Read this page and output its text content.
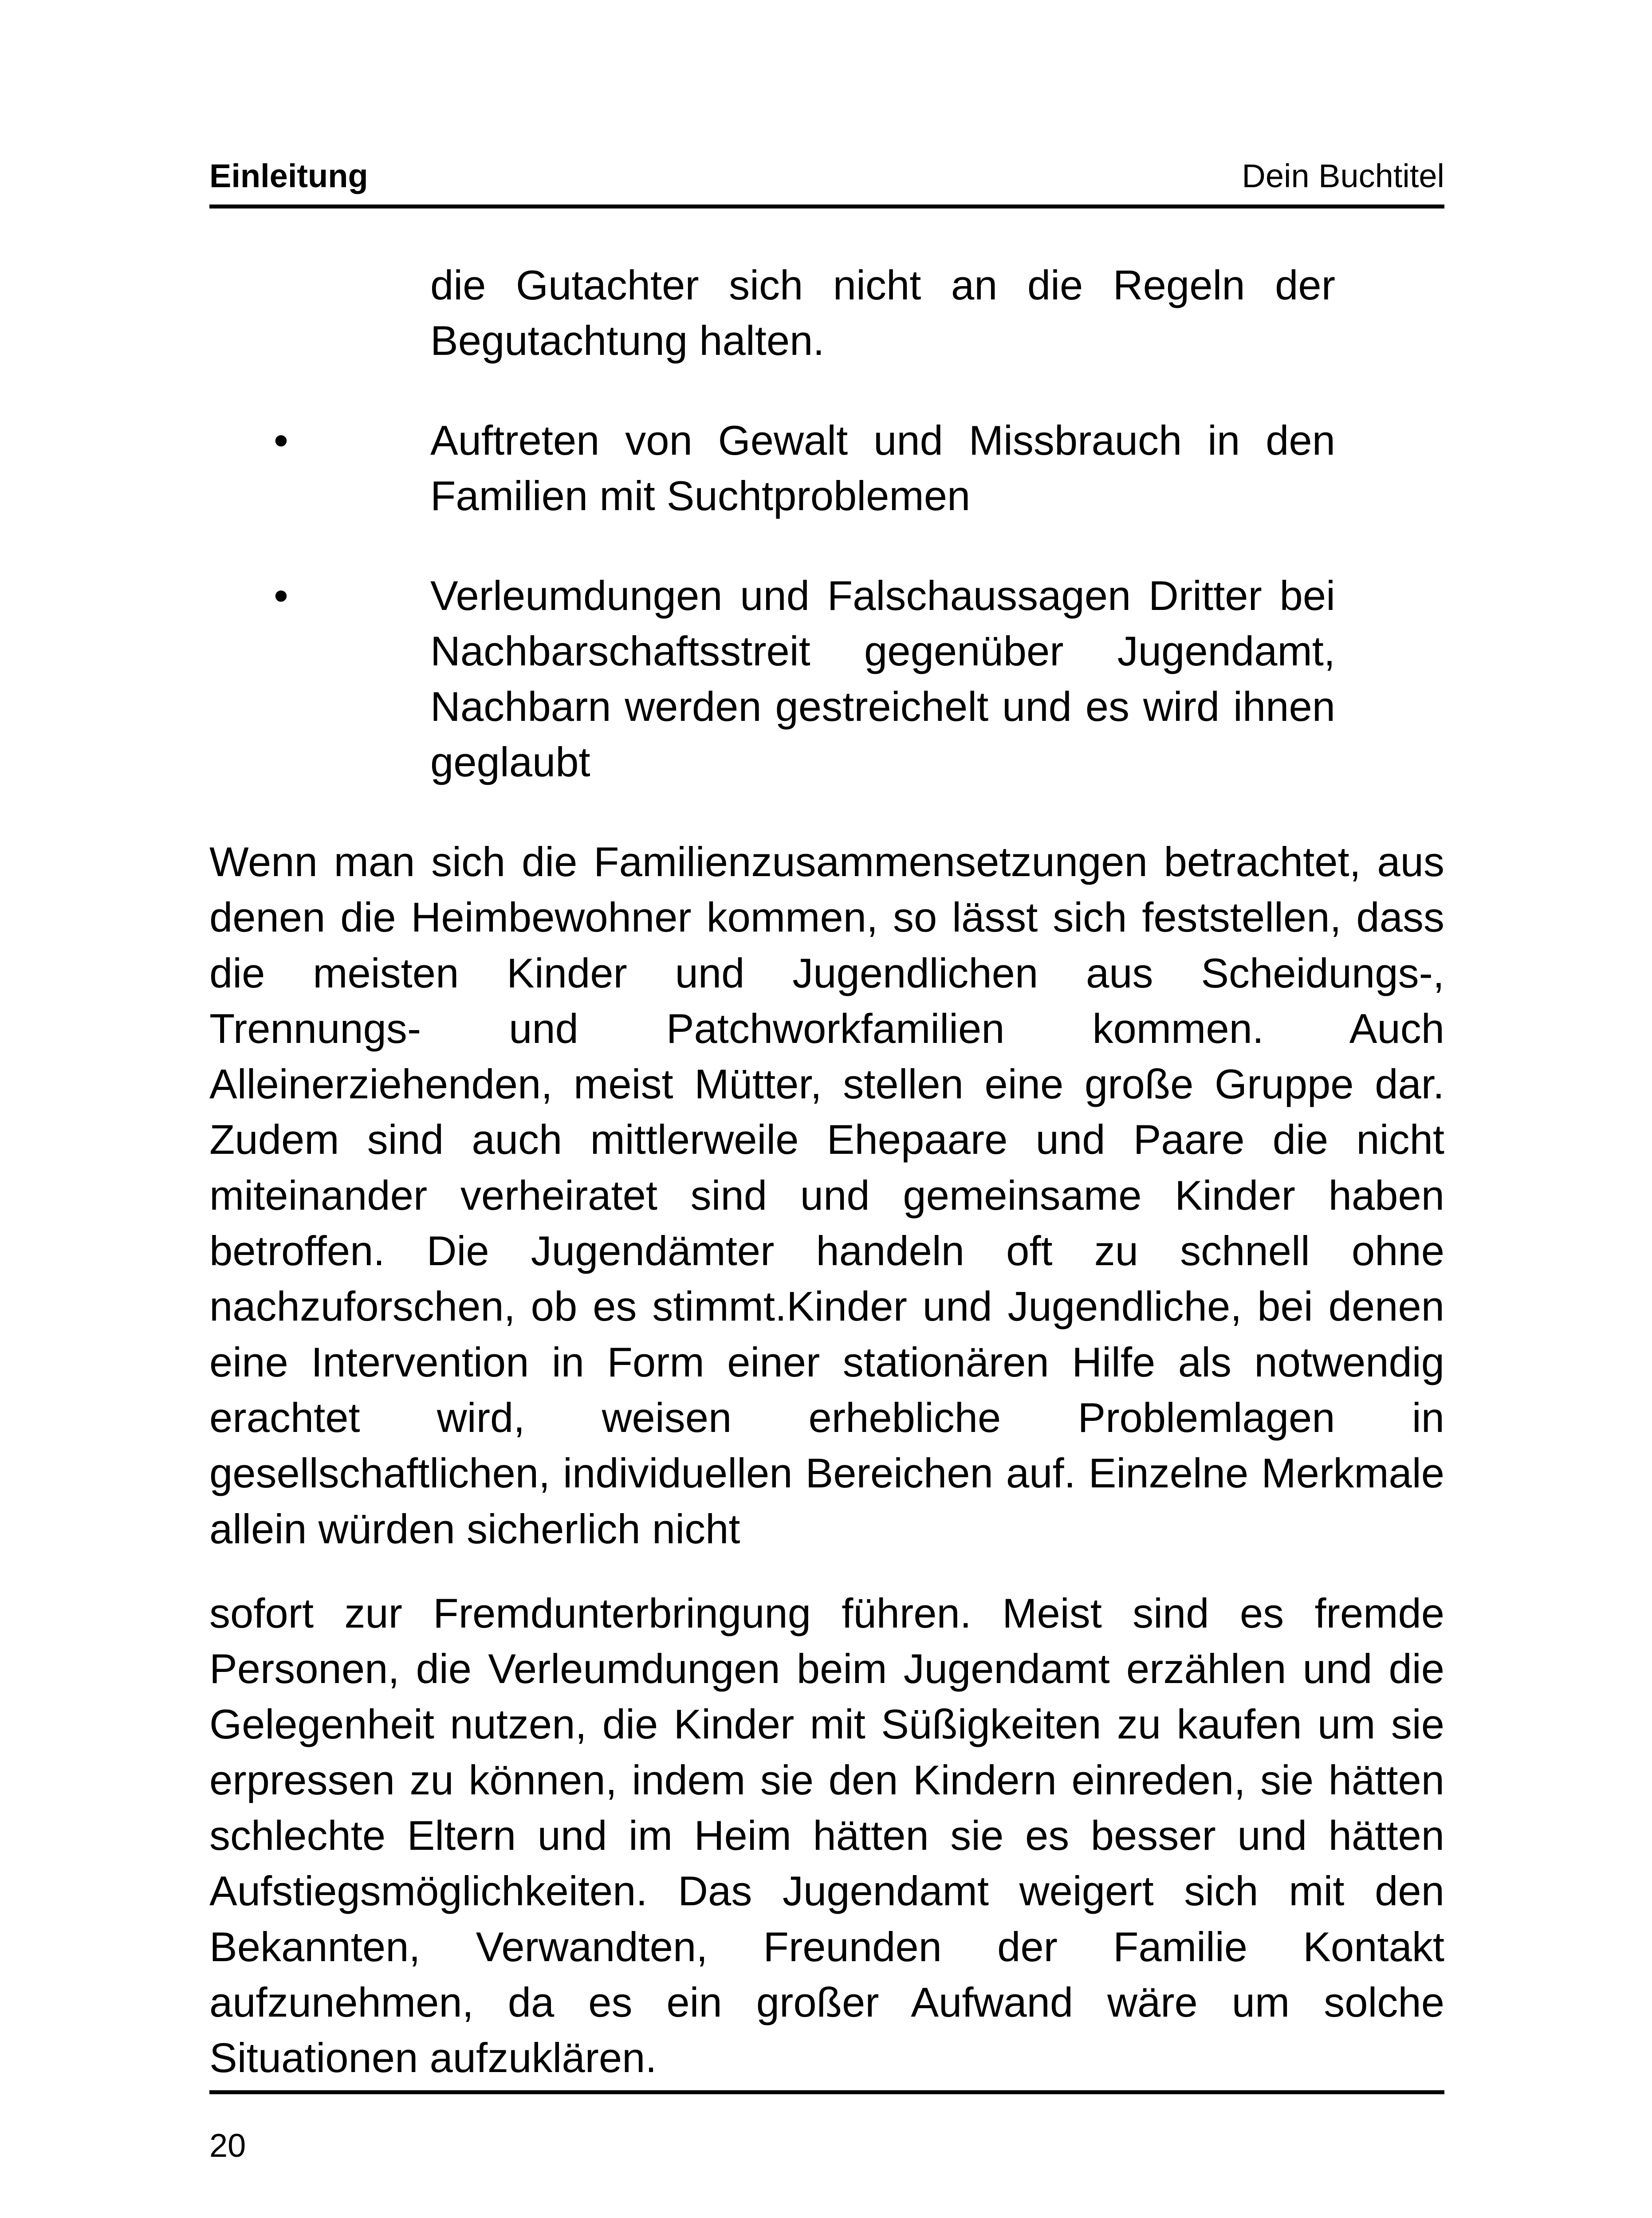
Einleitung	Dein Buchtitel
die Gutachter sich nicht an die Regeln der Begutachtung halten.
•	Auftreten von Gewalt und Missbrauch in den Familien mit Suchtproblemen
•	Verleumdungen und Falschaussagen Dritter bei Nachbarschaftsstreit gegenüber Jugendamt, Nachbarn werden gestreichelt und es wird ihnen geglaubt

Wenn man sich die Familienzusammensetzungen betrachtet, aus denen die Heimbewohner kommen, so lässt sich feststellen, dass die meisten Kinder und Jugendlichen aus Scheidungs-, Trennungs- und Patchworkfamilien kommen. Auch Alleinerziehenden, meist Mütter, stellen eine große Gruppe dar. Zudem sind auch mittlerweile Ehepaare und Paare die nicht miteinander verheiratet sind und gemeinsame Kinder haben betroffen. Die Jugendämter handeln oft zu schnell ohne nachzuforschen, ob es stimmt.Kinder und Jugendliche, bei denen eine Intervention in Form einer stationären Hilfe als notwendig erachtet wird, weisen erhebliche Problemlagen in gesellschaftlichen, individuellen Bereichen auf. Einzelne Merkmale allein würden sicherlich nicht

sofort zur Fremdunterbringung führen. Meist sind es fremde Personen, die Verleumdungen beim Jugendamt erzählen und die Gelegenheit nutzen, die Kinder mit Süßigkeiten zu kaufen um sie erpressen zu können, indem sie den Kindern einreden, sie hätten schlechte Eltern und im Heim hätten sie es besser und hätten Aufstiegsmöglichkeiten. Das Jugendamt weigert sich mit den Bekannten, Verwandten, Freunden der Familie Kontakt aufzunehmen, da es ein großer Aufwand wäre um solche Situationen aufzuklären.

20
